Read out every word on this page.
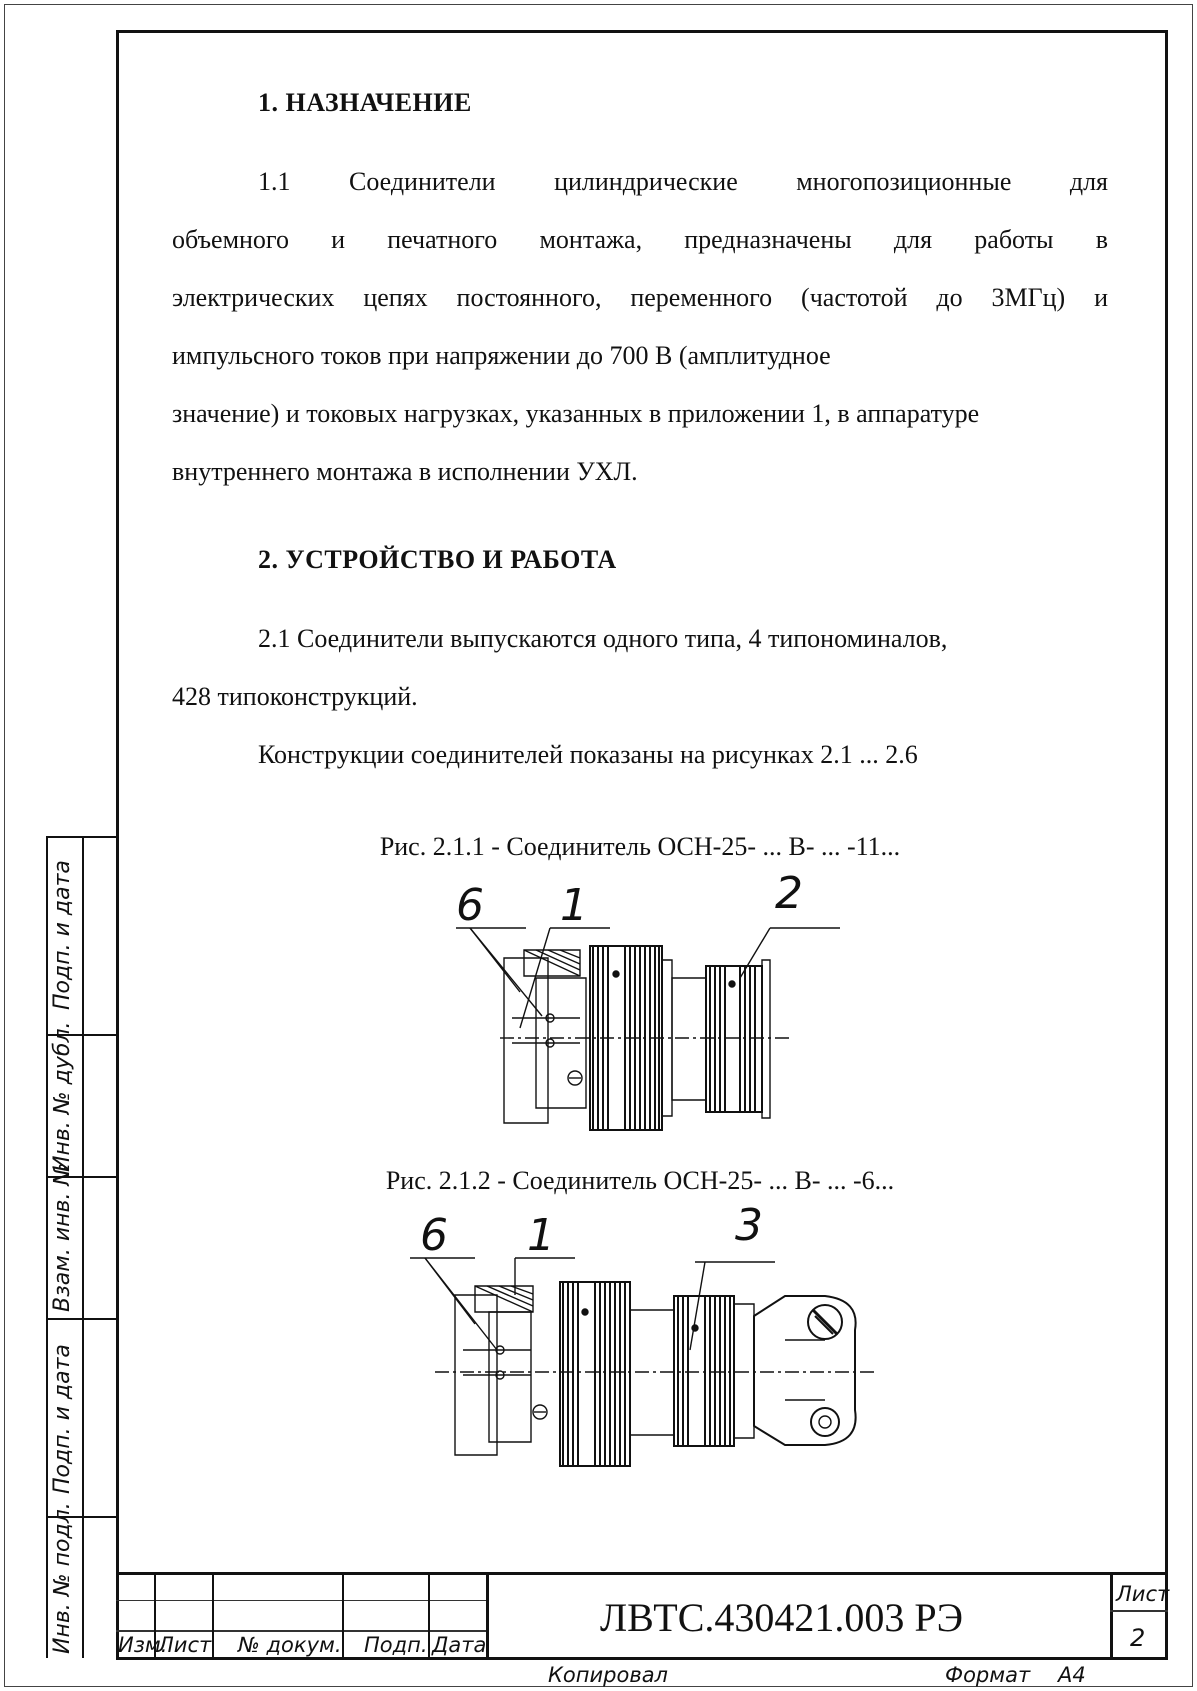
1. НАЗНАЧЕНИЕ
1.1 Соединители цилиндрические многопозиционные для
объемного и печатного монтажа, предназначены для работы в
электрических цепях постоянного, переменного (частотой до 3МГц) и
импульсного токов при напряжении до 700 В (амплитудное
значение) и токовых нагрузках, указанных в приложении 1, в аппаратуре
внутреннего монтажа в исполнении УХЛ.
2. УСТРОЙСТВО И РАБОТА
2.1 Соединители выпускаются одного типа, 4 типономиналов,
428 типоконструкций.
Конструкции соединителей показаны на рисунках 2.1 ... 2.6
Рис. 2.1.1 - Соединитель ОСН-25- ... В- ... -11...
6 1	2
Рис. 2.1.2 - Соединитель ОСН-25- ... В- ... -6...
6 1	3
Подп. и дата
Инв. № дубл.
Взам. инв. №
Подп. и дата
Инв. № подл. Изм.
Лист № докум. Подп. Дата
ЛВТС.430421.003 РЭ
Лист
2
Копировал	Формат А4
